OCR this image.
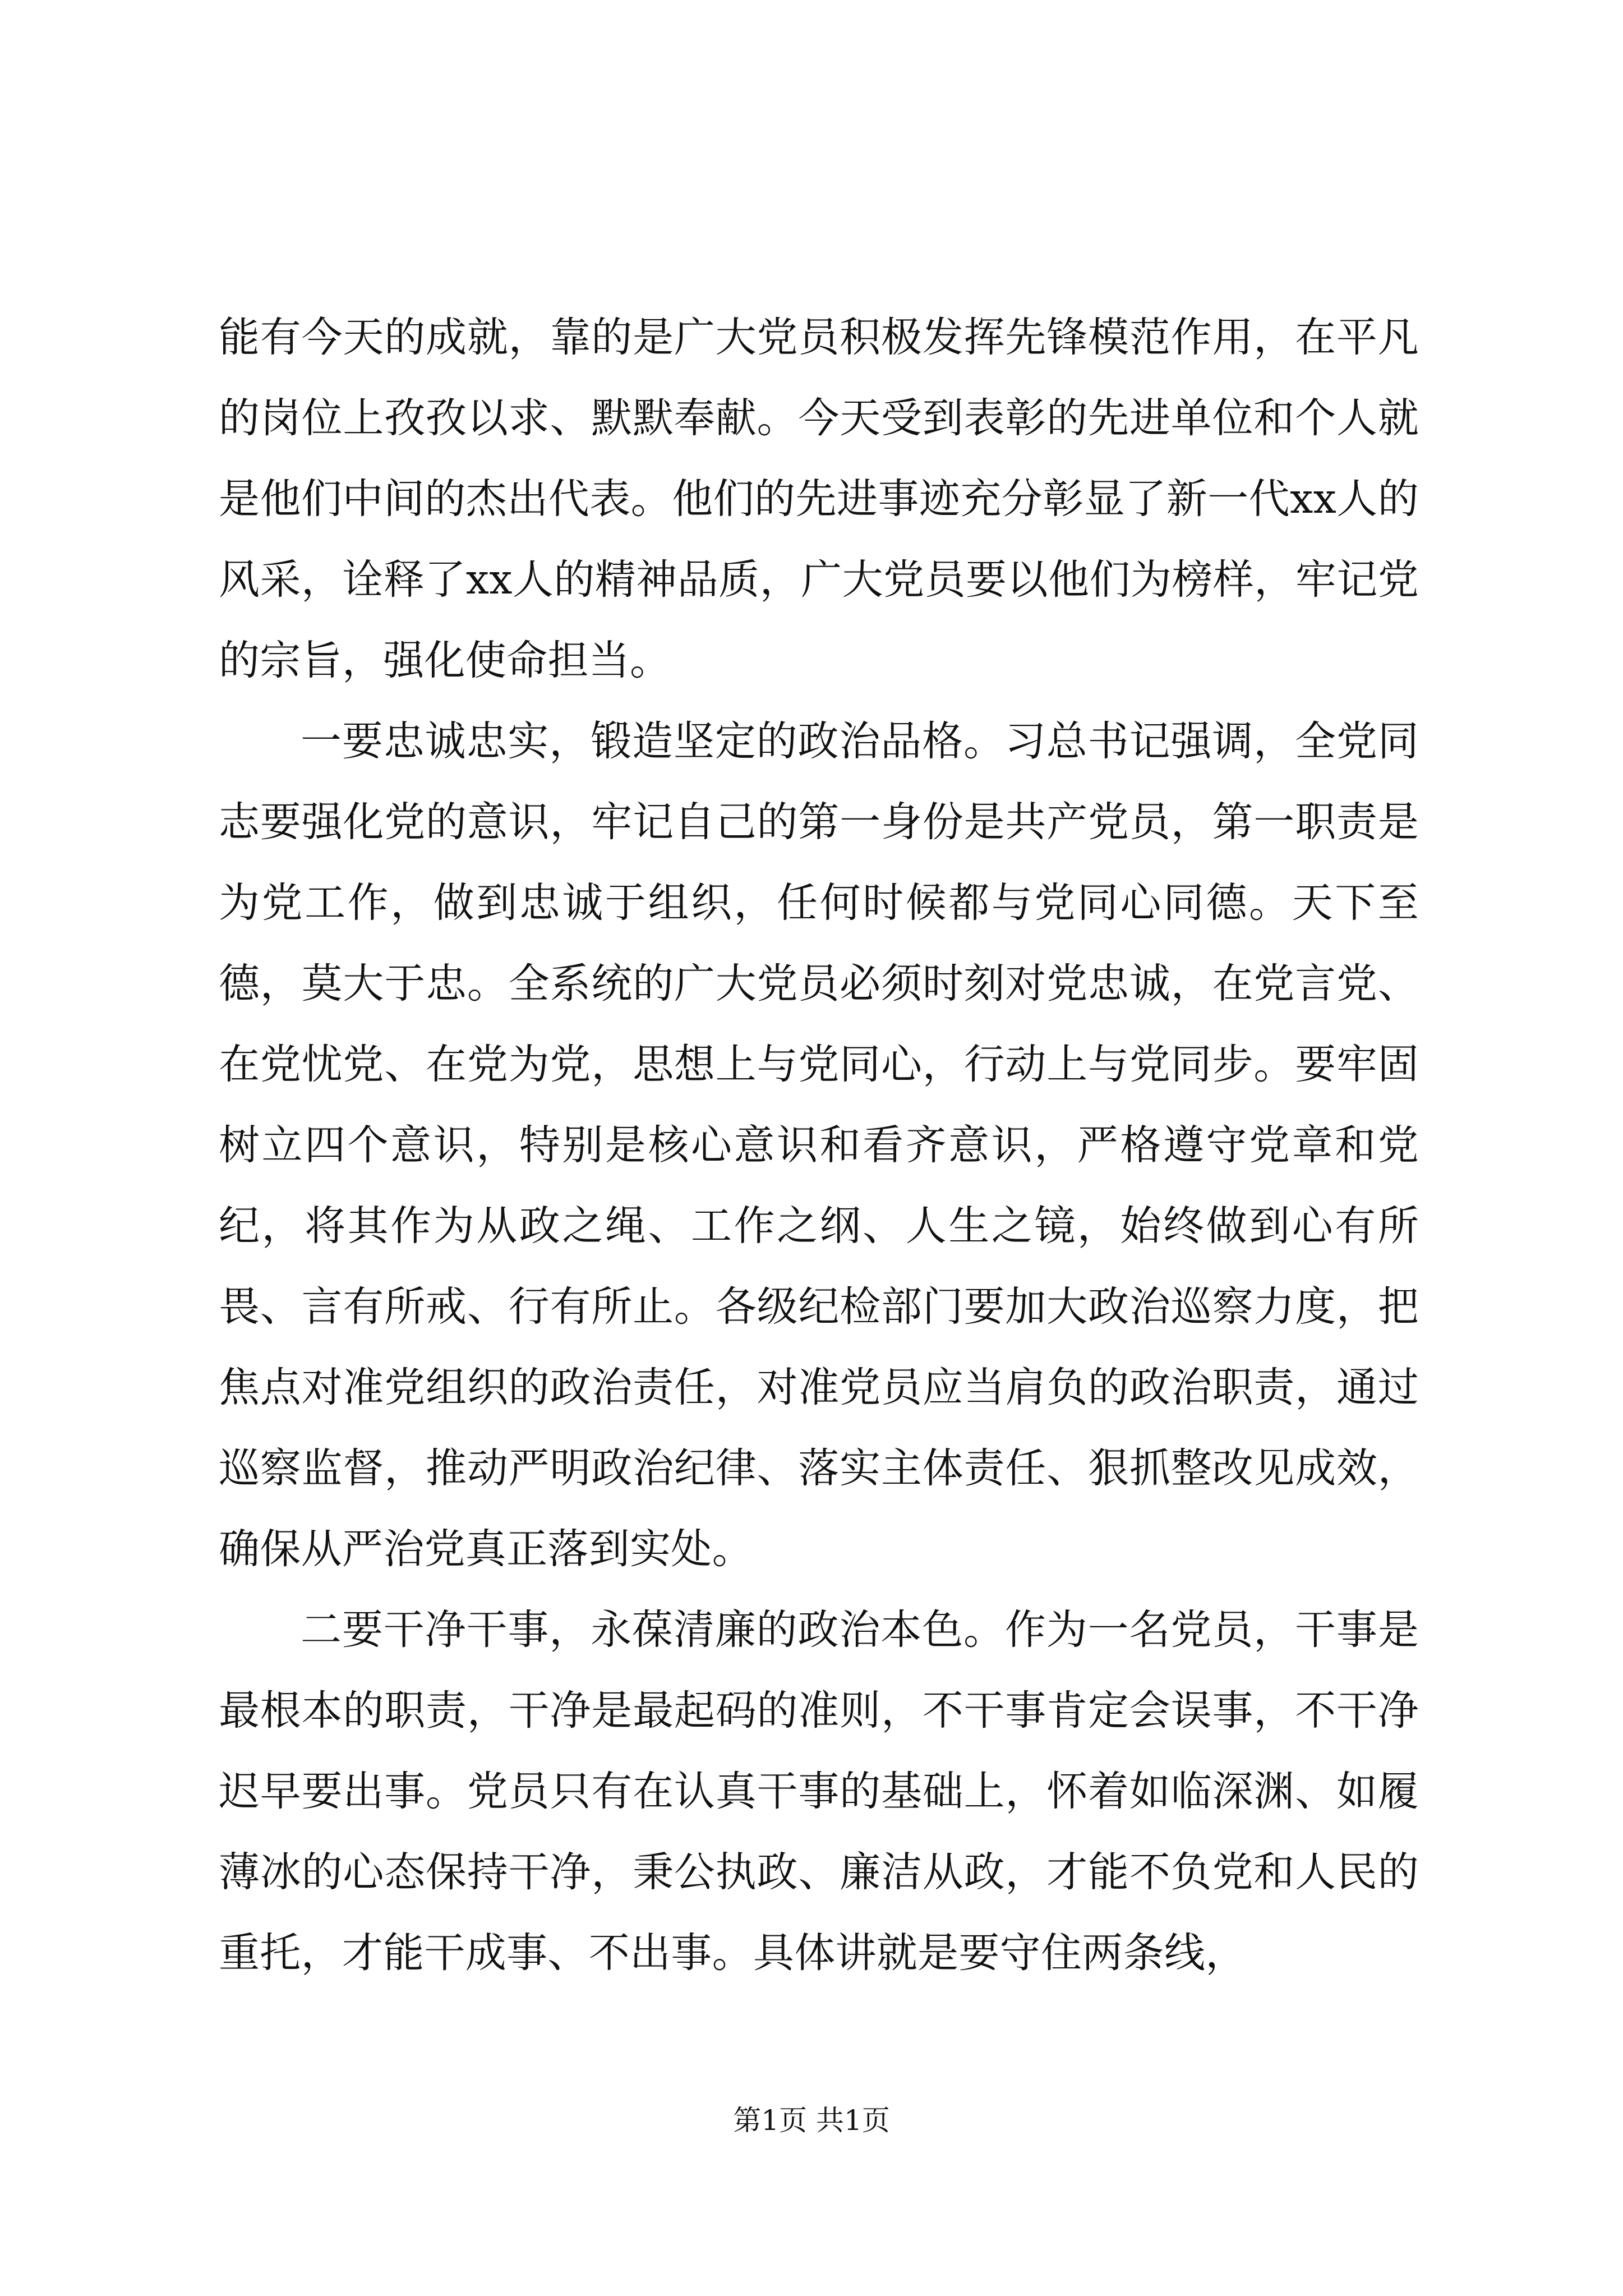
能有今天的成就，靠的是广大党员积极发挥先锋模范作用，在平凡的岗位上孜孜以求、默默奉献。今天受到表彰的先进单位和个人就是他们中间的杰出代表。他们的先进事迹充分彰显了新一代xx人的风采，诠释了xx人的精神品质，广大党员要以他们为榜样，牢记党的宗旨，强化使命担当。

一要忠诚忠实，锻造坚定的政治品格。习总书记强调，全党同志要强化党的意识，牢记自己的第一身份是共产党员，第一职责是为党工作，做到忠诚于组织，任何时候都与党同心同德。天下至德，莫大于忠。全系统的广大党员必须时刻对党忠诚，在党言党、在党忧党、在党为党，思想上与党同心，行动上与党同步。要牢固树立四个意识，特别是核心意识和看齐意识，严格遵守党章和党纪，将其作为从政之绳、工作之纲、人生之镜，始终做到心有所畏、言有所戒、行有所止。各级纪检部门要加大政治巡察力度，把焦点对准党组织的政治责任，对准党员应当肩负的政治职责，通过巡察监督，推动严明政治纪律、落实主体责任、狠抓整改见成效，确保从严治党真正落到实处。

二要干净干事，永葆清廉的政治本色。作为一名党员，干事是最根本的职责，干净是最起码的准则，不干事肯定会误事，不干净迟早要出事。党员只有在认真干事的基础上，怀着如临深渊、如履薄冰的心态保持干净，秉公执政、廉洁从政，才能不负党和人民的重托，才能干成事、不出事。具体讲就是要守住两条线，

第1页 共1页
